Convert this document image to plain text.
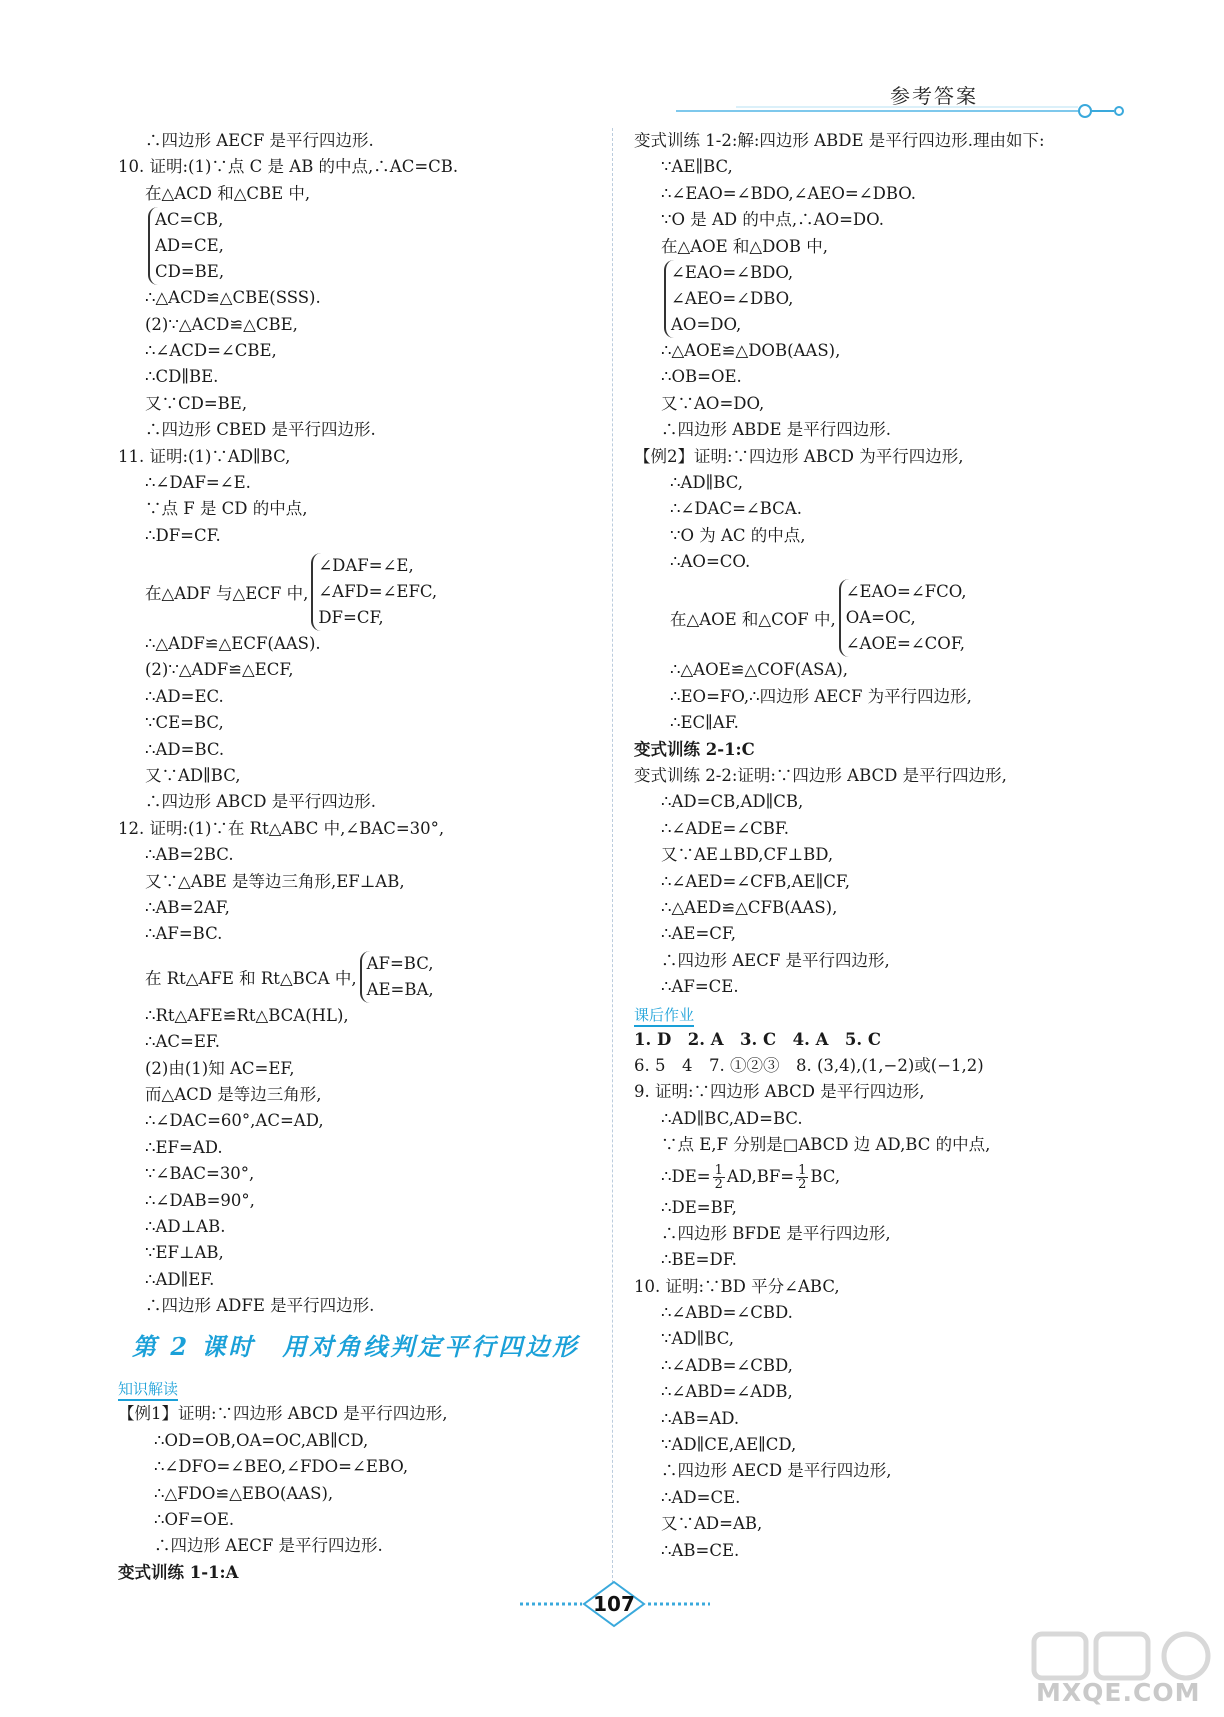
参考答案
∴四边形 AECF 是平行四边形.
10. 证明:(1)∵点 C 是 AB 的中点,∴AC=CB.
在△ACD 和△CBE 中,
AC=CB,
AD=CE,
CD=BE,
∴△ACD≌△CBE(SSS).
(2)∵△ACD≌△CBE,
∴∠ACD=∠CBE,
∴CD∥BE.
又∵CD=BE,
∴四边形 CBED 是平行四边形.
11. 证明:(1)∵AD∥BC,
∴∠DAF=∠E.
∵点 F 是 CD 的中点,
∴DF=CF.
在△ADF 与△ECF 中,
∠DAF=∠E,
∠AFD=∠EFC,
DF=CF,
∴△ADF≌△ECF(AAS).
(2)∵△ADF≌△ECF,
∴AD=EC.
∵CE=BC,
∴AD=BC.
又∵AD∥BC,
∴四边形 ABCD 是平行四边形.
12. 证明:(1)∵在 Rt△ABC 中,∠BAC=30°,
∴AB=2BC.
又∵△ABE 是等边三角形,EF⊥AB,
∴AB=2AF,
∴AF=BC.
在 Rt△AFE 和 Rt△BCA 中,
AF=BC,
AE=BA,
∴Rt△AFE≌Rt△BCA(HL),
∴AC=EF.
(2)由(1)知 AC=EF,
而△ACD 是等边三角形,
∴∠DAC=60°,AC=AD,
∴EF=AD.
∵∠BAC=30°,
∴∠DAB=90°,
∴AD⊥AB.
∵EF⊥AB,
∴AD∥EF.
∴四边形 ADFE 是平行四边形.
第 2 课时　用对角线判定平行四边形
知识解读
【例1】证明:∵四边形 ABCD 是平行四边形,
∴OD=OB,OA=OC,AB∥CD,
∴∠DFO=∠BEO,∠FDO=∠EBO,
∴△FDO≌△EBO(AAS),
∴OF=OE.
∴四边形 AECF 是平行四边形.
变式训练 1-1:A
变式训练 1-2:解:四边形 ABDE 是平行四边形.理由如下:
∵AE∥BC,
∴∠EAO=∠BDO,∠AEO=∠DBO.
∵O 是 AD 的中点,∴AO=DO.
在△AOE 和△DOB 中,
∠EAO=∠BDO,
∠AEO=∠DBO,
AO=DO,
∴△AOE≌△DOB(AAS),
∴OB=OE.
又∵AO=DO,
∴四边形 ABDE 是平行四边形.
【例2】证明:∵四边形 ABCD 为平行四边形,
∴AD∥BC,
∴∠DAC=∠BCA.
∵O 为 AC 的中点,
∴AO=CO.
在△AOE 和△COF 中,
∠EAO=∠FCO,
OA=OC,
∠AOE=∠COF,
∴△AOE≌△COF(ASA),
∴EO=FO,∴四边形 AECF 为平行四边形,
∴EC∥AF.
变式训练 2-1:C
变式训练 2-2:证明:∵四边形 ABCD 是平行四边形,
∴AD=CB,AD∥CB,
∴∠ADE=∠CBF.
又∵AE⊥BD,CF⊥BD,
∴∠AED=∠CFB,AE∥CF,
∴△AED≌△CFB(AAS),
∴AE=CF,
∴四边形 AECF 是平行四边形,
∴AF=CE.
课后作业
1. D　2. A　3. C　4. A　5. C
6. 5　4　7. ①②③　8. (3,4),(1,−2)或(−1,2)
9. 证明:∵四边形 ABCD 是平行四边形,
∴AD∥BC,AD=BC.
∵点 E,F 分别是□ABCD 边 AD,BC 的中点,
∴DE= $\frac{1}{2} AD,BF= \frac{1}{2}$ BC,
∴DE=BF,
∴四边形 BFDE 是平行四边形,
∴BE=DF.
10. 证明:∵BD 平分∠ABC,
∴∠ABD=∠CBD.
∵AD∥BC,
∴∠ADB=∠CBD,
∴∠ABD=∠ADB,
∴AB=AD.
∵AD∥CE,AE∥CD,
∴四边形 AECD 是平行四边形,
∴AD=CE.
又∵AD=AB,
∴AB=CE.
107
MXQE.COM
